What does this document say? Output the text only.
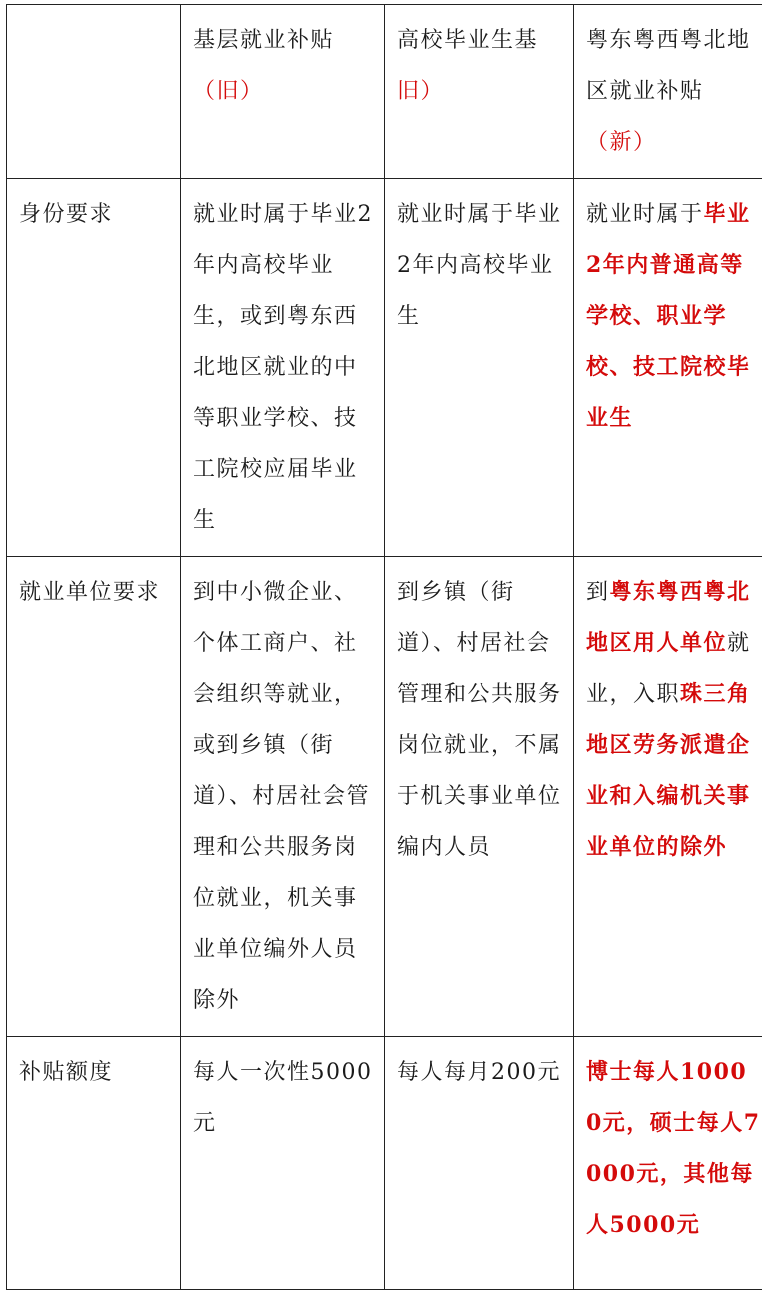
	基层就业补贴（旧）	高校毕业生基旧）	粤东粤西粤北地区就业补贴（新）
身份要求	就业时属于毕业2年内高校毕业生，或到粤东西北地区就业的中等职业学校、技工院校应届毕业生	就业时属于毕业2年内高校毕业生	就业时属于毕业2年内普通高等学校、职业学校、技工院校毕业生
就业单位要求	到中小微企业、个体工商户、社会组织等就业，或到乡镇（街道）、村居社会管理和公共服务岗位就业，机关事业单位编外人员除外	到乡镇（街道）、村居社会管理和公共服务岗位就业，不属于机关事业单位编内人员	到粤东粤西粤北地区用人单位就业，入职珠三角地区劳务派遣企业和入编机关事业单位的除外
补贴额度	每人一次性5000元	每人每月200元	博士每人10000元，硕士每人7000元，其他每人5000元
